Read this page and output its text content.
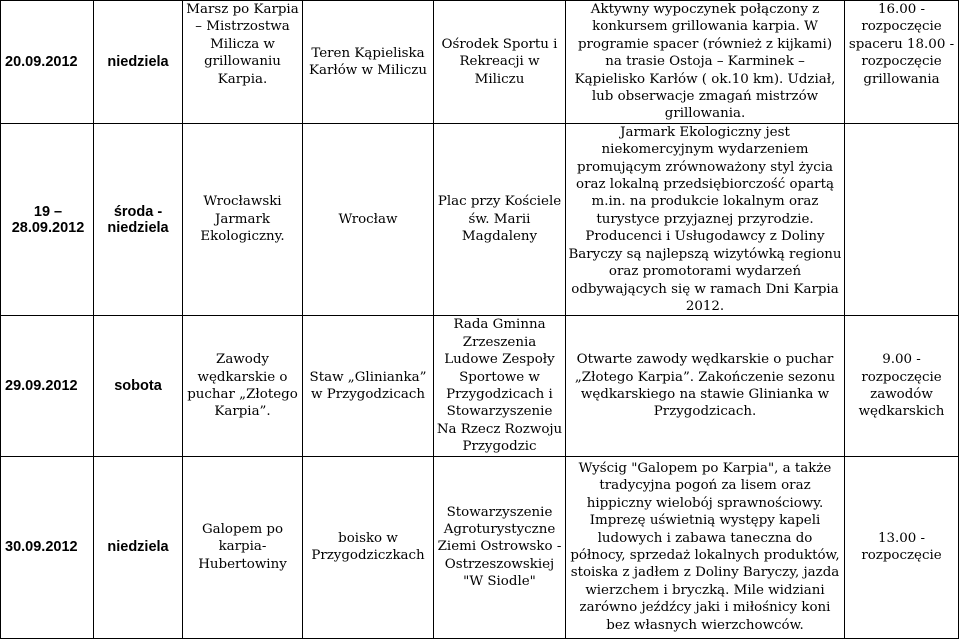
20.09.2012	niedziela	Marsz po Karpia – Mistrzostwa Milicza w grillowaniu Karpia.	Teren Kąpieliska Karłów w Miliczu	Ośrodek Sportu i Rekreacji w Miliczu	Aktywny wypoczynek połączony z konkursem grillowania karpia. W programie spacer (również z kijkami) na trasie Ostoja – Karminek – Kąpielisko Karłów ( ok.10 km). Udział, lub obserwacje zmagań mistrzów grillowania.	16.00 - rozpoczęcie spaceru 18.00 - rozpoczęcie grillowania
19 – 28.09.2012	środa - niedziela	Wrocławski Jarmark Ekologiczny.	Wrocław	Plac przy Kościele św. Marii Magdaleny	Jarmark Ekologiczny jest niekomercyjnym wydarzeniem promującym zrównoważony styl życia oraz lokalną przedsiębiorczość opartą m.in. na produkcie lokalnym oraz turystyce przyjaznej przyrodzie. Producenci i Usługodawcy z Doliny Baryczy są najlepszą wizytówką regionu oraz promotorami wydarzeń odbywających się w ramach Dni Karpia 2012.	
29.09.2012	sobota	Zawody wędkarskie o puchar „Złotego Karpia”.	Staw „Glinianka” w Przygodzicach	Rada Gminna Zrzeszenia Ludowe Zespoły Sportowe w Przygodzicach i Stowarzyszenie Na Rzecz Rozwoju Przygodzic	Otwarte zawody wędkarskie o puchar „Złotego Karpia”. Zakończenie sezonu wędkarskiego na stawie Glinianka w Przygodzicach.	9.00 - rozpoczęcie zawodów wędkarskich
30.09.2012	niedziela	Galopem po karpia- Hubertowiny	boisko w Przygodziczkach	Stowarzyszenie Agroturystyczne Ziemi Ostrowsko - Ostrzeszowskiej "W Siodle"	Wyścig "Galopem po Karpia", a także tradycyjna pogoń za lisem oraz hippiczny wielobój sprawnościowy. Imprezę uświetnią występy kapeli ludowych i zabawa taneczna do północy, sprzedaż lokalnych produktów, stoiska z jadłem z Doliny Baryczy, jazda wierzchem i bryczką. Mile widziani zarówno jeźdźcy jaki i miłośnicy koni bez własnych wierzchowców.	13.00 - rozpoczęcie
